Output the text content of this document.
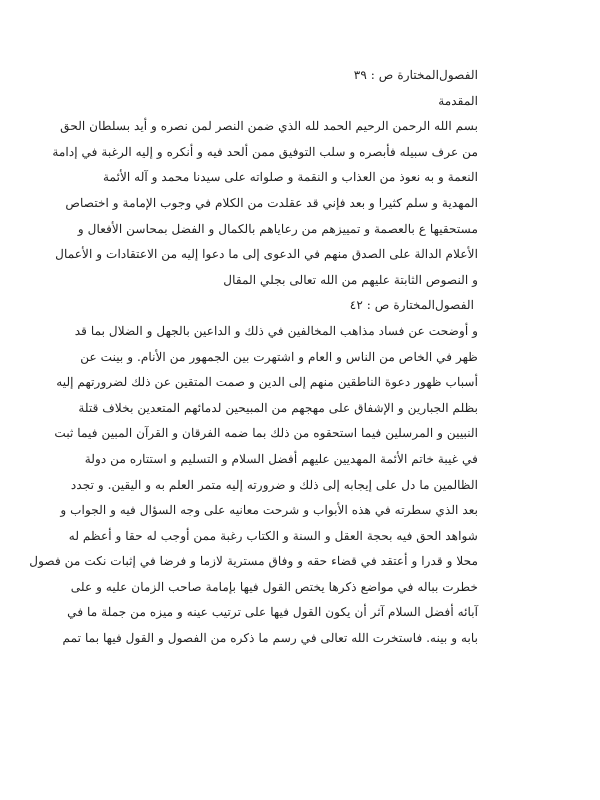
الفصول‌المختارة ص : ٣٩
المقدمة
بسم الله الرحمن الرحيم الحمد لله الذي ضمن النصر لمن نصره و أيد بسلطان الحق
من عرف سبيله فأبصره و سلب التوفيق ممن ألحد فيه و أنكره و إليه الرغبة في إدامة
النعمة و به نعوذ من العذاب و النقمة و صلواته على سيدنا محمد و آله الأئمة
المهدية و سلم كثيرا و بعد فإني قد عقلدت من الكلام في وجوب الإمامة و اختصاص
مستحقيها ع بالعصمة و تمييزهم من رعاياهم بالكمال و الفضل بمحاسن الأفعال و
الأعلام الدالة على الصدق منهم في الدعوى إلى ما دعوا إليه من الاعتقادات و الأعمال
و النصوص الثابتة عليهم من الله تعالى بجلي المقال
الفصول‌المختارة ص : ٤٢
و أوضحت عن فساد مذاهب المخالفين في ذلك و الداعين بالجهل و الضلال بما قد
ظهر في الخاص من الناس و العام و اشتهرت بين الجمهور من الأنام. و بينت عن
أسباب ظهور دعوة الناطقين منهم إلى الدين و صمت المتقين عن ذلك لضرورتهم إليه
بظلم الجبارين و الإشفاق على مهجهم من المبيحين لدمائهم المتعدين بخلاف قتلة
النبيين و المرسلين فيما استحقوه من ذلك بما ضمه الفرقان و القرآن المبين فيما ثبت
في غيبة خاتم الأئمة المهديين عليهم أفضل السلام و التسليم و استتاره من دولة
الظالمين ما دل على إيجابه إلى ذلك و ضرورته إليه متمر العلم به و اليقين. و تجدد
بعد الذي سطرته في هذه الأبواب و شرحت معانيه على وجه السؤال فيه و الجواب و
شواهد الحق فيه بحجة العقل و السنة و الكتاب رغبة ممن أوجب له حقا و أعظم له
محلا و قدرا و أعتقد في قضاء حقه و وفاق مسترية لازما و فرضا في إثبات نكت من فصول
خطرت بباله في مواضع ذكرها يختص القول فيها بإمامة صاحب الزمان عليه و على
آبائه أفضل السلام آثر أن يكون القول فيها على ترتيب عينه و ميزه من جملة ما في
بابه و بينه. فاستخرت الله تعالى في رسم ما ذكره من الفصول و القول فيها بما تمم
